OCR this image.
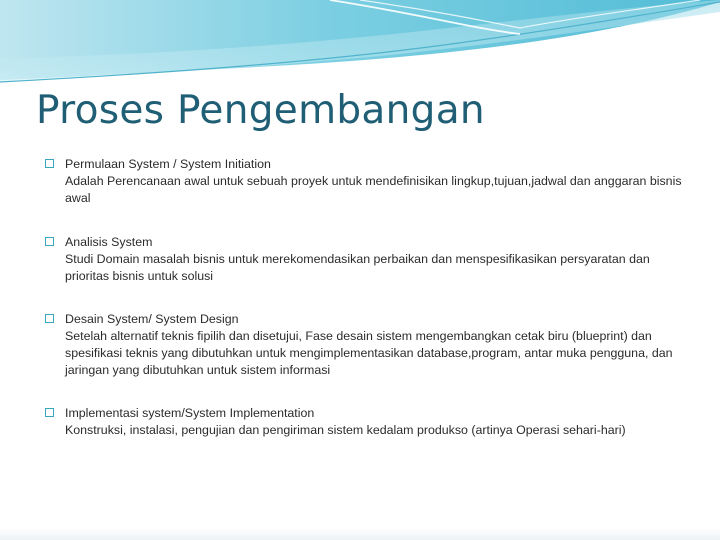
Proses Pengembangan
Permulaan System / System Initiation
Adalah Perencanaan awal untuk sebuah proyek untuk mendefinisikan lingkup,tujuan,jadwal dan anggaran bisnis awal
Analisis System
Studi Domain masalah bisnis untuk merekomendasikan perbaikan dan menspesifikasikan persyaratan dan prioritas bisnis untuk solusi
Desain System/ System Design
Setelah alternatif teknis fipilih dan disetujui, Fase desain sistem mengembangkan cetak biru (blueprint) dan spesifikasi teknis yang dibutuhkan untuk mengimplementasikan database,program, antar muka pengguna, dan jaringan yang dibutuhkan untuk sistem informasi
Implementasi system/System Implementation
Konstruksi, instalasi, pengujian dan pengiriman sistem kedalam produkso (artinya Operasi sehari-hari)
